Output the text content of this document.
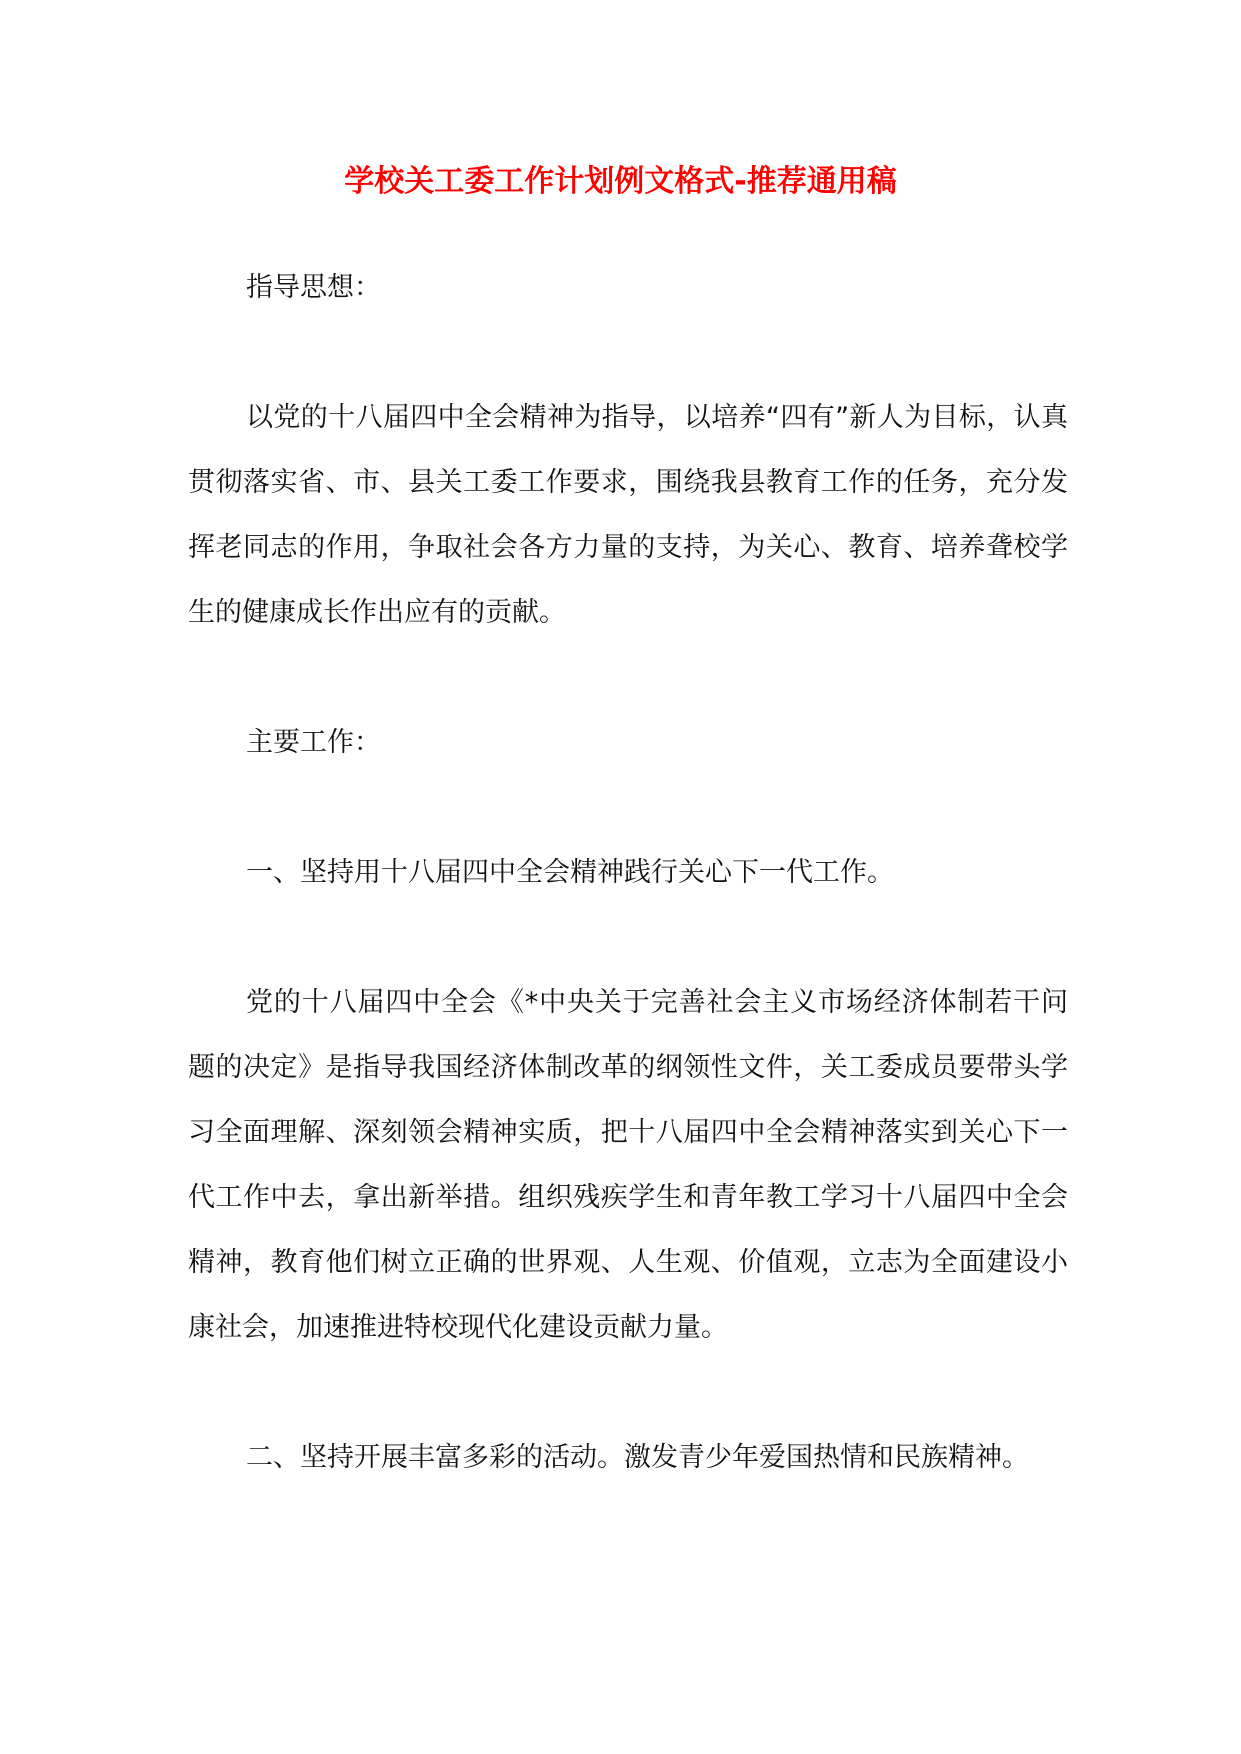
学校关工委工作计划例文格式-推荐通用稿

指导思想：

以党的十八届四中全会精神为指导，以培养“四有”新人为目标，认真贯彻落实省、市、县关工委工作要求，围绕我县教育工作的任务，充分发挥老同志的作用，争取社会各方力量的支持，为关心、教育、培养聋校学生的健康成长作出应有的贡献。

主要工作：

一、坚持用十八届四中全会精神践行关心下一代工作。

党的十八届四中全会《*中央关于完善社会主义市场经济体制若干问题的决定》是指导我国经济体制改革的纲领性文件，关工委成员要带头学习全面理解、深刻领会精神实质，把十八届四中全会精神落实到关心下一代工作中去，拿出新举措。组织残疾学生和青年教工学习十八届四中全会精神，教育他们树立正确的世界观、人生观、价值观，立志为全面建设小康社会，加速推进特校现代化建设贡献力量。

二、坚持开展丰富多彩的活动。激发青少年爱国热情和民族精神。
